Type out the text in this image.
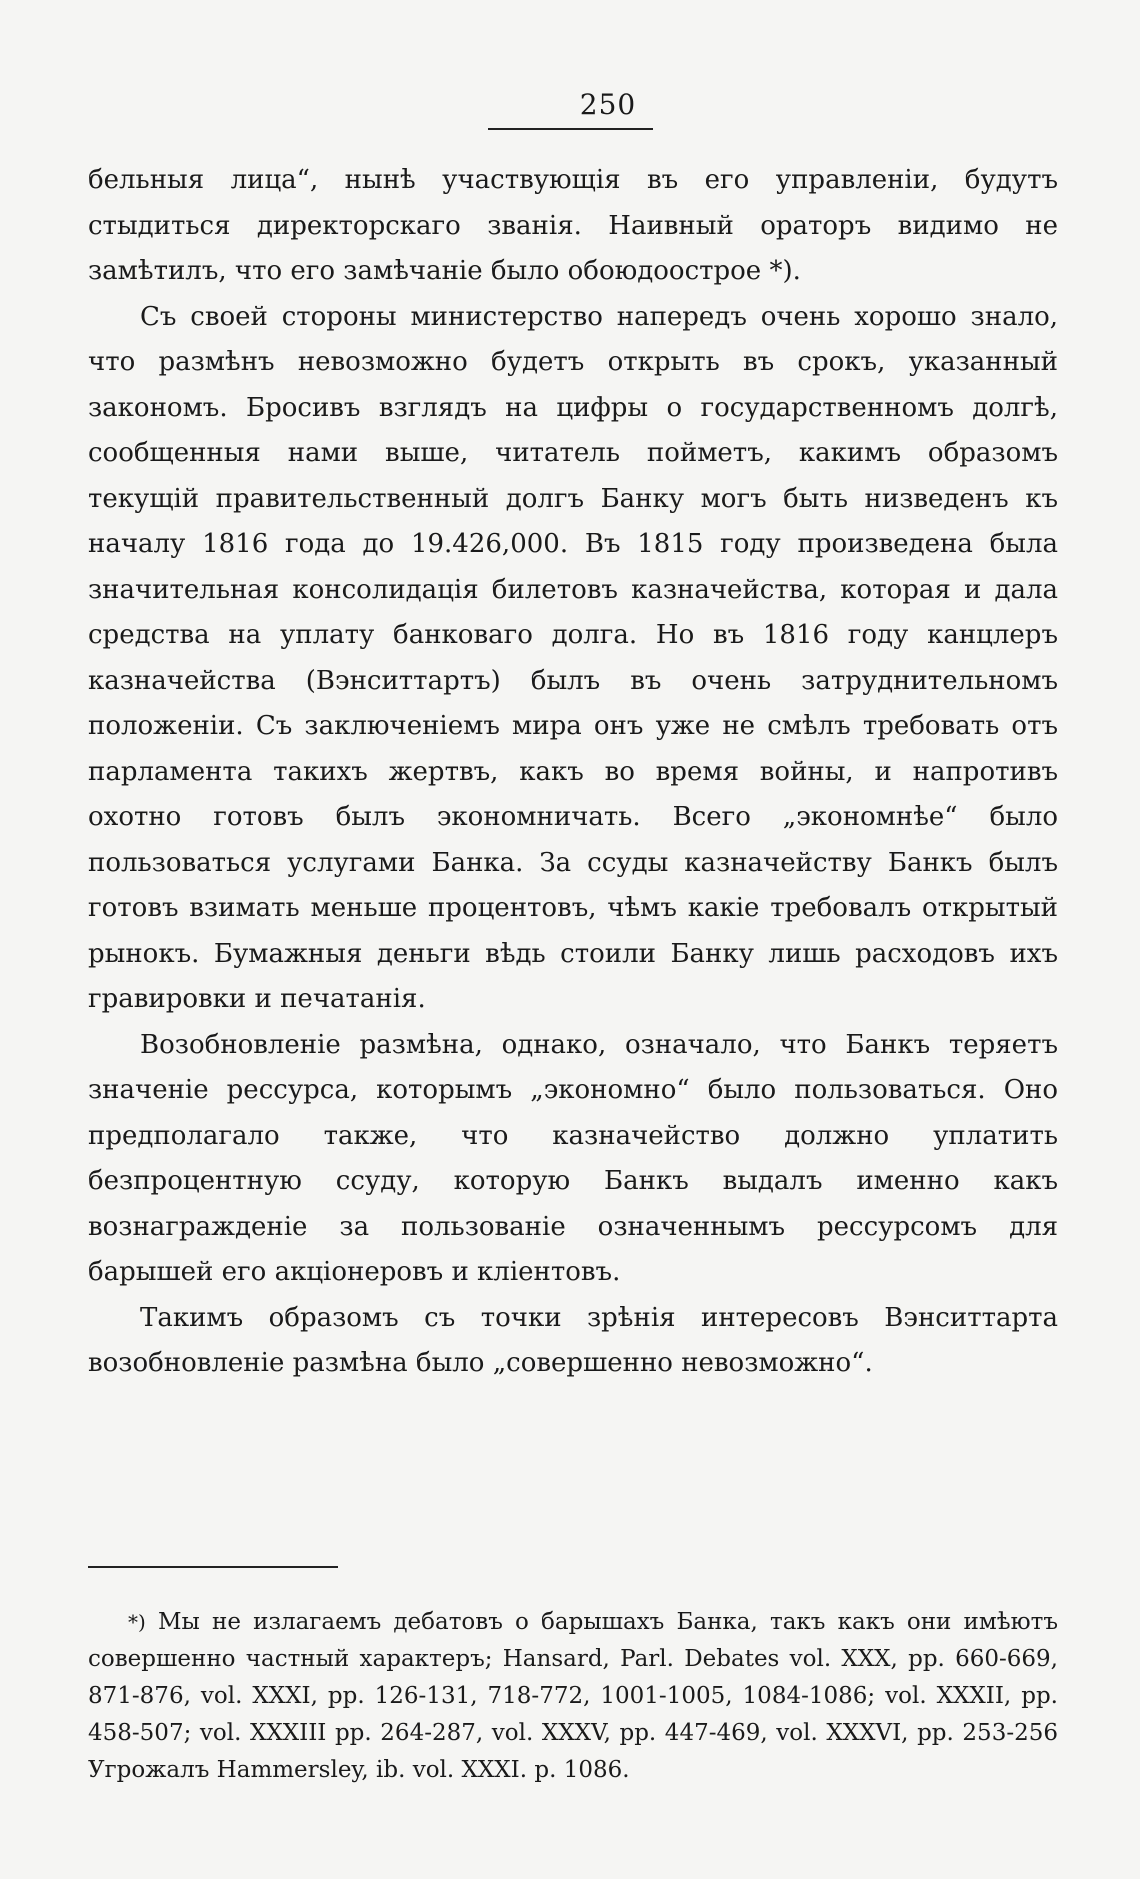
250

бельныя лица“, нынѣ участвующія въ его управленіи, будутъ стыдиться директорскаго званія. Наивный ораторъ видимо не замѣтилъ, что его замѣчаніе было обоюдоострое *).

Съ своей стороны министерство напередъ очень хорошо знало, что размѣнъ невозможно будетъ открыть въ срокъ, указанный закономъ. Бросивъ взглядъ на цифры о государственномъ долгѣ, сообщенныя нами выше, читатель пойметъ, какимъ образомъ текущій правительственный долгъ Банку могъ быть низведенъ къ началу 1816 года до 19.426,000. Въ 1815 году произведена была значительная консолидація билетовъ казначейства, которая и дала средства на уплату банковаго долга. Но въ 1816 году канцлеръ казначейства (Вэнситтартъ) былъ въ очень затруднительномъ положеніи. Съ заключеніемъ мира онъ уже не смѣлъ требовать отъ парламента такихъ жертвъ, какъ во время войны, и напротивъ охотно готовъ былъ экономничать. Всего „экономнѣе“ было пользоваться услугами Банка. За ссуды казначейству Банкъ былъ готовъ взимать меньше процентовъ, чѣмъ какіе требовалъ открытый рынокъ. Бумажныя деньги вѣдь стоили Банку лишь расходовъ ихъ гравировки и печатанія.

Возобновленіе размѣна, однако, означало, что Банкъ теряетъ значеніе рессурса, которымъ „экономно“ было пользоваться. Оно предполагало также, что казначейство должно уплатить безпроцентную ссуду, которую Банкъ выдалъ именно какъ вознагражденіе за пользованіе означеннымъ рессурсомъ для барышей его акціонеровъ и кліентовъ.

Такимъ образомъ съ точки зрѣнія интересовъ Вэнситтарта возобновленіе размѣна было „совершенно невозможно“.

*) Мы не излагаемъ дебатовъ о барышахъ Банка, такъ какъ они имѣютъ совершенно частный характеръ; Hansard, Parl. Debates vol. XXX, pp. 660-669, 871-876, vol. XXXI, pp. 126-131, 718-772, 1001-1005, 1084-1086; vol. XXXII, pp. 458-507; vol. XXXIII pp. 264-287, vol. XXXV, pp. 447-469, vol. XXXVI, pp. 253-256 Угрожалъ Hammersley, ib. vol. XXXI. p. 1086.
